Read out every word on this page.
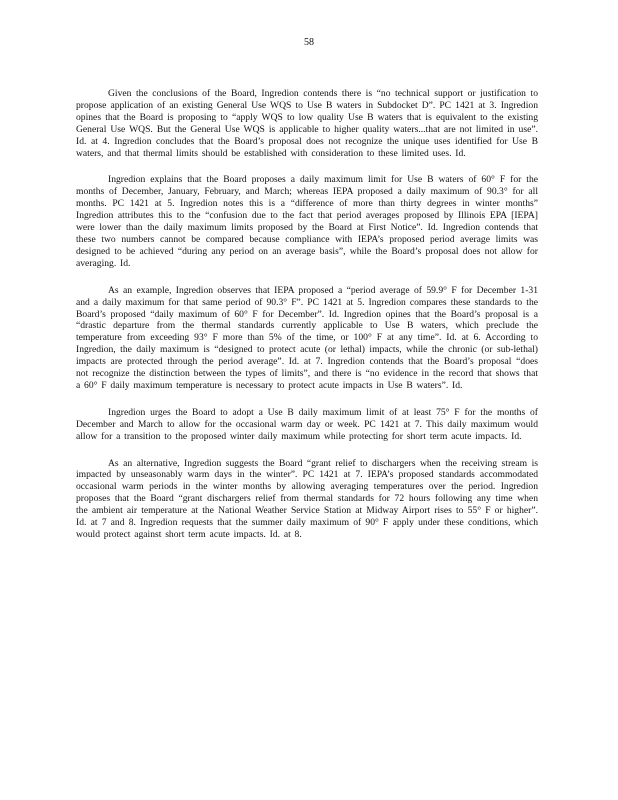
58

Given the conclusions of the Board, Ingredion contends there is “no technical support or justification to propose application of an existing General Use WQS to Use B waters in Subdocket D”. PC 1421 at 3. Ingredion opines that the Board is proposing to “apply WQS to low quality Use B waters that is equivalent to the existing General Use WQS. But the General Use WQS is applicable to higher quality waters...that are not limited in use”. Id. at 4. Ingredion concludes that the Board’s proposal does not recognize the unique uses identified for Use B waters, and that thermal limits should be established with consideration to these limited uses. Id.

Ingredion explains that the Board proposes a daily maximum limit for Use B waters of 60° F for the months of December, January, February, and March; whereas IEPA proposed a daily maximum of 90.3° for all months. PC 1421 at 5. Ingredion notes this is a “difference of more than thirty degrees in winter months” Ingredion attributes this to the “confusion due to the fact that period averages proposed by Illinois EPA [IEPA] were lower than the daily maximum limits proposed by the Board at First Notice”. Id. Ingredion contends that these two numbers cannot be compared because compliance with IEPA’s proposed period average limits was designed to be achieved “during any period on an average basis”, while the Board’s proposal does not allow for averaging. Id.

As an example, Ingredion observes that IEPA proposed a “period average of 59.9° F for December 1-31 and a daily maximum for that same period of 90.3° F”. PC 1421 at 5. Ingredion compares these standards to the Board’s proposed “daily maximum of 60° F for December”. Id. Ingredion opines that the Board’s proposal is a “drastic departure from the thermal standards currently applicable to Use B waters, which preclude the temperature from exceeding 93° F more than 5% of the time, or 100° F at any time”. Id. at 6. According to Ingredion, the daily maximum is “designed to protect acute (or lethal) impacts, while the chronic (or sub-lethal) impacts are protected through the period average”. Id. at 7. Ingredion contends that the Board’s proposal “does not recognize the distinction between the types of limits”, and there is “no evidence in the record that shows that a 60° F daily maximum temperature is necessary to protect acute impacts in Use B waters”. Id.

Ingredion urges the Board to adopt a Use B daily maximum limit of at least 75° F for the months of December and March to allow for the occasional warm day or week. PC 1421 at 7. This daily maximum would allow for a transition to the proposed winter daily maximum while protecting for short term acute impacts. Id.

As an alternative, Ingredion suggests the Board “grant relief to dischargers when the receiving stream is impacted by unseasonably warm days in the winter”. PC 1421 at 7. IEPA’s proposed standards accommodated occasional warm periods in the winter months by allowing averaging temperatures over the period. Ingredion proposes that the Board “grant dischargers relief from thermal standards for 72 hours following any time when the ambient air temperature at the National Weather Service Station at Midway Airport rises to 55° F or higher”. Id. at 7 and 8. Ingredion requests that the summer daily maximum of 90° F apply under these conditions, which would protect against short term acute impacts. Id. at 8.
